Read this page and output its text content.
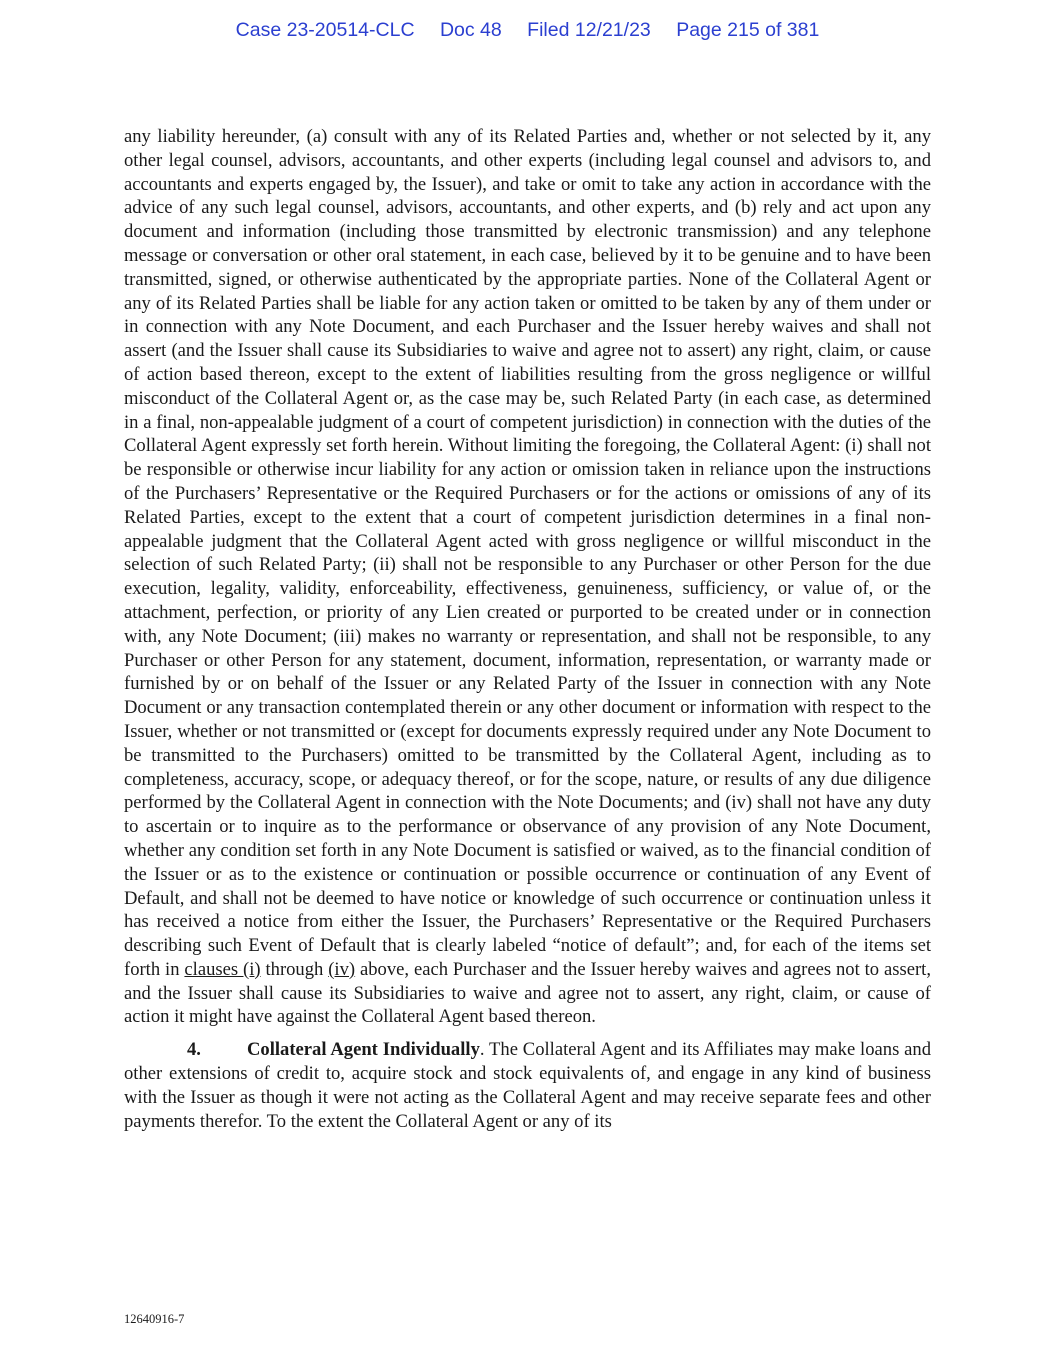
Case 23-20514-CLC Doc 48 Filed 12/21/23 Page 215 of 381

any liability hereunder, (a) consult with any of its Related Parties and, whether or not selected by it, any other legal counsel, advisors, accountants, and other experts (including legal counsel and advisors to, and accountants and experts engaged by, the Issuer), and take or omit to take any action in accordance with the advice of any such legal counsel, advisors, accountants, and other experts, and (b) rely and act upon any document and information (including those transmitted by electronic transmission) and any telephone message or conversation or other oral statement, in each case, believed by it to be genuine and to have been transmitted, signed, or otherwise authenticated by the appropriate parties. None of the Collateral Agent or any of its Related Parties shall be liable for any action taken or omitted to be taken by any of them under or in connection with any Note Document, and each Purchaser and the Issuer hereby waives and shall not assert (and the Issuer shall cause its Subsidiaries to waive and agree not to assert) any right, claim, or cause of action based thereon, except to the extent of liabilities resulting from the gross negligence or willful misconduct of the Collateral Agent or, as the case may be, such Related Party (in each case, as determined in a final, non-appealable judgment of a court of competent jurisdiction) in connection with the duties of the Collateral Agent expressly set forth herein. Without limiting the foregoing, the Collateral Agent: (i) shall not be responsible or otherwise incur liability for any action or omission taken in reliance upon the instructions of the Purchasers’ Representative or the Required Purchasers or for the actions or omissions of any of its Related Parties, except to the extent that a court of competent jurisdiction determines in a final non-appealable judgment that the Collateral Agent acted with gross negligence or willful misconduct in the selection of such Related Party; (ii) shall not be responsible to any Purchaser or other Person for the due execution, legality, validity, enforceability, effectiveness, genuineness, sufficiency, or value of, or the attachment, perfection, or priority of any Lien created or purported to be created under or in connection with, any Note Document; (iii) makes no warranty or representation, and shall not be responsible, to any Purchaser or other Person for any statement, document, information, representation, or warranty made or furnished by or on behalf of the Issuer or any Related Party of the Issuer in connection with any Note Document or any transaction contemplated therein or any other document or information with respect to the Issuer, whether or not transmitted or (except for documents expressly required under any Note Document to be transmitted to the Purchasers) omitted to be transmitted by the Collateral Agent, including as to completeness, accuracy, scope, or adequacy thereof, or for the scope, nature, or results of any due diligence performed by the Collateral Agent in connection with the Note Documents; and (iv) shall not have any duty to ascertain or to inquire as to the performance or observance of any provision of any Note Document, whether any condition set forth in any Note Document is satisfied or waived, as to the financial condition of the Issuer or as to the existence or continuation or possible occurrence or continuation of any Event of Default, and shall not be deemed to have notice or knowledge of such occurrence or continuation unless it has received a notice from either the Issuer, the Purchasers’ Representative or the Required Purchasers describing such Event of Default that is clearly labeled “notice of default”; and, for each of the items set forth in clauses (i) through (iv) above, each Purchaser and the Issuer hereby waives and agrees not to assert, and the Issuer shall cause its Subsidiaries to waive and agree not to assert, any right, claim, or cause of action it might have against the Collateral Agent based thereon.

4. Collateral Agent Individually. The Collateral Agent and its Affiliates may make loans and other extensions of credit to, acquire stock and stock equivalents of, and engage in any kind of business with the Issuer as though it were not acting as the Collateral Agent and may receive separate fees and other payments therefor. To the extent the Collateral Agent or any of its

12640916-7
